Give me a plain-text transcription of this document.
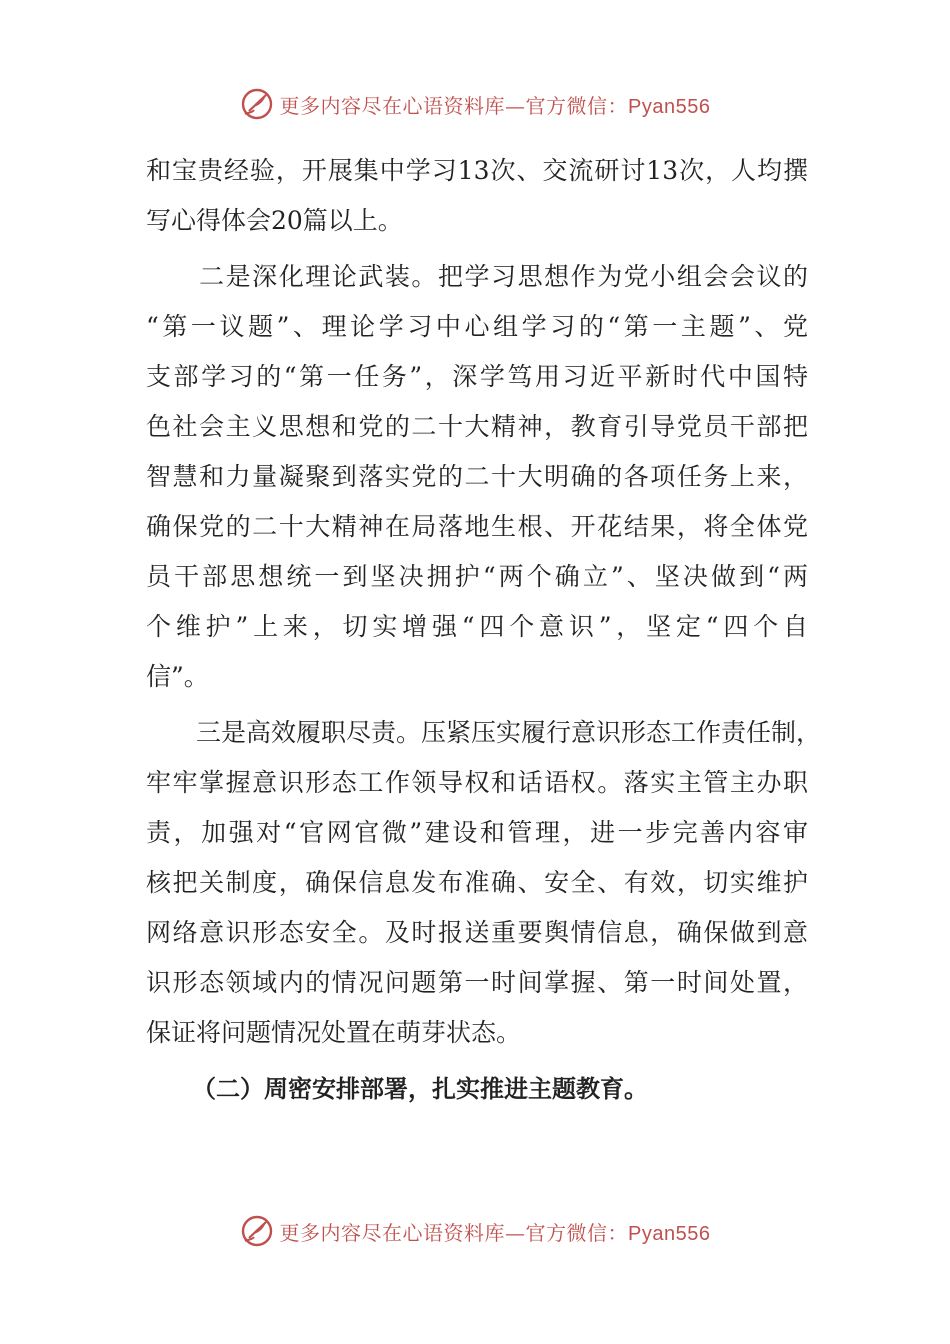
更多内容尽在心语资料库—官方微信：Pyan556
和宝贵经验，开展集中学习13次、交流研讨13次，人均撰
写心得体会20篇以上。
　　二是深化理论武装。把学习思想作为党小组会会议的
“第一议题”、理论学习中心组学习的“第一主题”、党
支部学习的“第一任务”，深学笃用习近平新时代中国特
色社会主义思想和党的二十大精神，教育引导党员干部把
智慧和力量凝聚到落实党的二十大明确的各项任务上来，
确保党的二十大精神在局落地生根、开花结果，将全体党
员干部思想统一到坚决拥护“两个确立”、坚决做到“两
个维护”上来，切实增强“四个意识”，坚定“四个自
信”。
　　三是高效履职尽责。压紧压实履行意识形态工作责任制，
牢牢掌握意识形态工作领导权和话语权。落实主管主办职
责，加强对“官网官微”建设和管理，进一步完善内容审
核把关制度，确保信息发布准确、安全、有效，切实维护
网络意识形态安全。及时报送重要舆情信息，确保做到意
识形态领域内的情况问题第一时间掌握、第一时间处置，
保证将问题情况处置在萌芽状态。
（二）周密安排部署，扎实推进主题教育。
更多内容尽在心语资料库—官方微信：Pyan556
